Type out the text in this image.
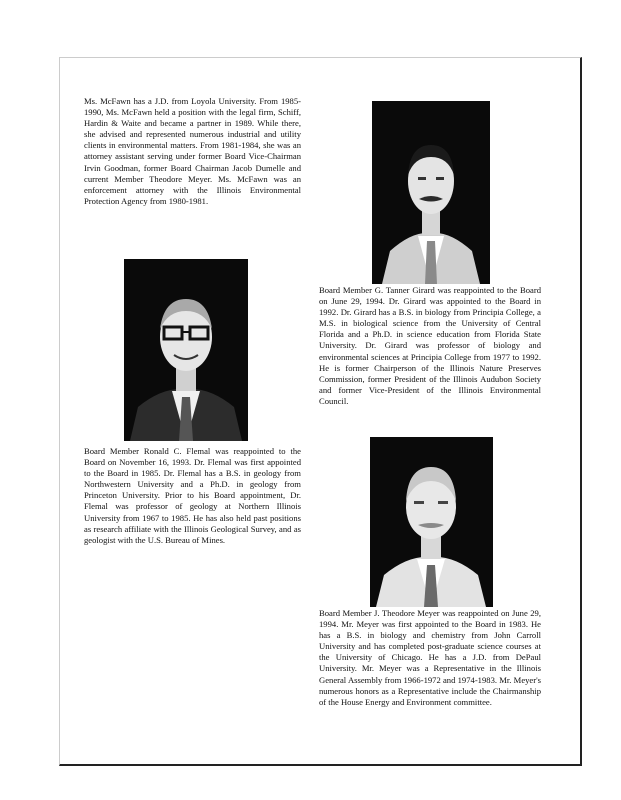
Ms. McFawn has a J.D. from Loyola University. From 1985-1990, Ms. McFawn held a position with the legal firm, Schiff, Hardin & Waite and became a partner in 1989. While there, she advised and represented numerous industrial and utility clients in environmental matters. From 1981-1984, she was an attorney assistant serving under former Board Vice-Chairman Irvin Goodman, former Board Chairman Jacob Dumelle and current Member Theodore Meyer. Ms. McFawn was an enforcement attorney with the Illinois Environmental Protection Agency from 1980-1981.

Board Member G. Tanner Girard was reappointed to the Board on June 29, 1994. Dr. Girard was appointed to the Board in 1992. Dr. Girard has a B.S. in biology from Principia College, a M.S. in biological science from the University of Central Florida and a Ph.D. in science education from Florida State University. Dr. Girard was professor of biology and environmental sciences at Principia College from 1977 to 1992. He is former Chairperson of the Illinois Nature Preserves Commission, former President of the Illinois Audubon Society and former Vice-President of the Illinois Environmental Council.

Board Member Ronald C. Flemal was reappointed to the Board on November 16, 1993. Dr. Flemal was first appointed to the Board in 1985. Dr. Flemal has a B.S. in geology from Northwestern University and a Ph.D. in geology from Princeton University. Prior to his Board appointment, Dr. Flemal was professor of geology at Northern Illinois University from 1967 to 1985. He has also held past positions as research affiliate with the Illinois Geological Survey, and as geologist with the U.S. Bureau of Mines.

Board Member J. Theodore Meyer was reappointed on June 29, 1994. Mr. Meyer was first appointed to the Board in 1983. He has a B.S. in biology and chemistry from John Carroll University and has completed post-graduate science courses at the University of Chicago. He has a J.D. from DePaul University. Mr. Meyer was a Representative in the Illinois General Assembly from 1966-1972 and 1974-1983. Mr. Meyer's numerous honors as a Representative include the Chairmanship of the House Energy and Environment committee.
